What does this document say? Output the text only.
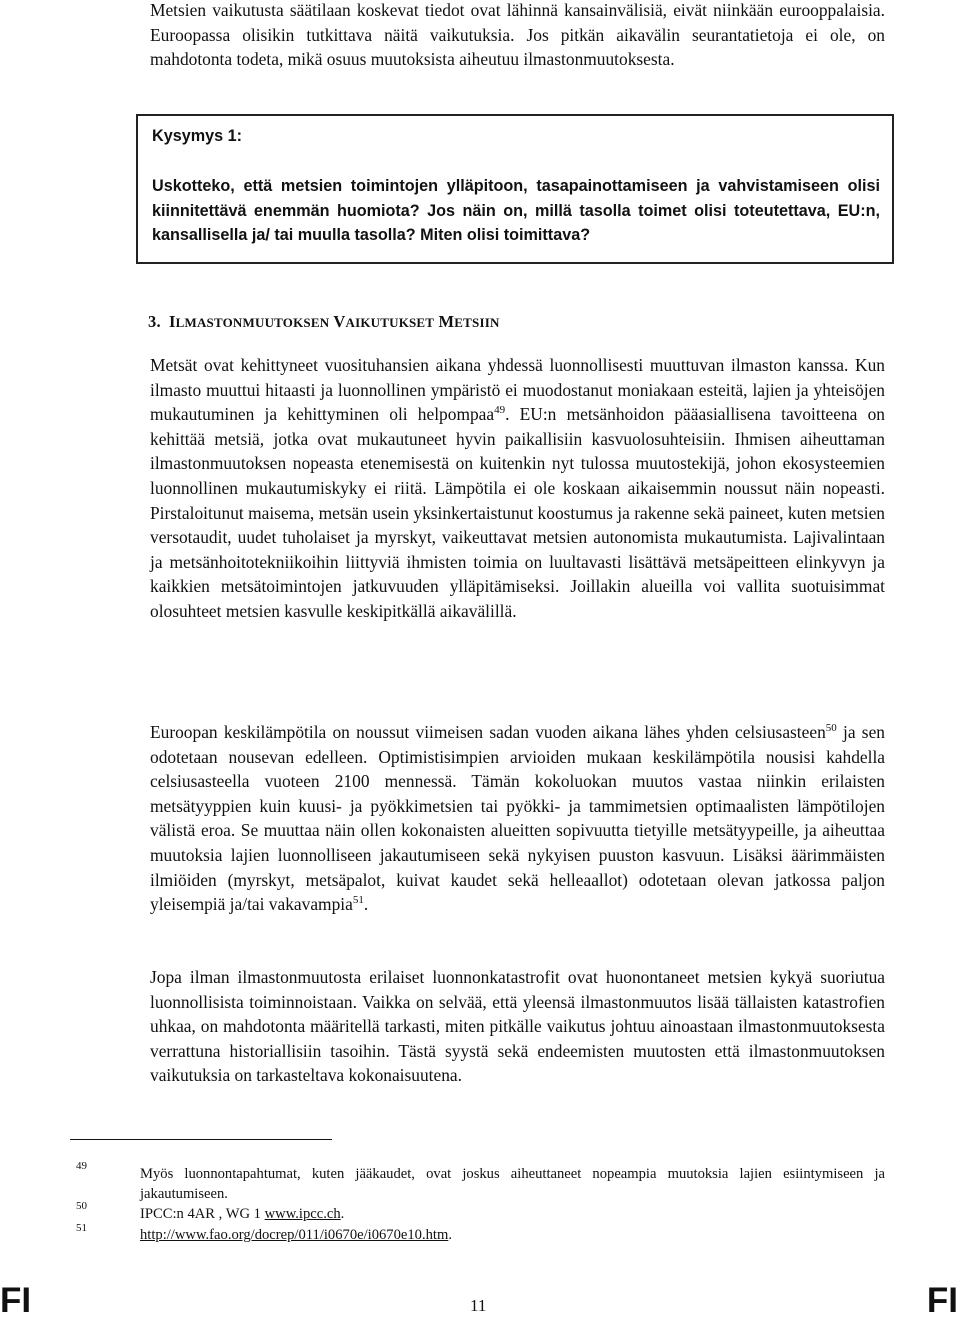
Metsien vaikutusta säätilaan koskevat tiedot ovat lähinnä kansainvälisiä, eivät niinkään eurooppalaisia. Euroopassa olisikin tutkittava näitä vaikutuksia. Jos pitkän aikavälin seurantatietoja ei ole, on mahdotonta todeta, mikä osuus muutoksista aiheutuu ilmastonmuutoksesta.

Kysymys 1:

Uskotteko, että metsien toimintojen ylläpitoon, tasapainottamiseen ja vahvistamiseen olisi kiinnitettävä enemmän huomiota? Jos näin on, millä tasolla toimet olisi toteutettava, EU:n, kansallisella ja/ tai muulla tasolla? Miten olisi toimittava?

3. ILMASTONMUUTOKSEN VAIKUTUKSET METSIIN

Metsät ovat kehittyneet vuosituhansien aikana yhdessä luonnollisesti muuttuvan ilmaston kanssa. Kun ilmasto muuttui hitaasti ja luonnollinen ympäristö ei muodostanut moniakaan esteitä, lajien ja yhteisöjen mukautuminen ja kehittyminen oli helpompaa$^{49}$. EU:n metsänhoidon pääasiallisena tavoitteena on kehittää metsiä, jotka ovat mukautuneet hyvin paikallisiin kasvuolosuhteisiin. Ihmisen aiheuttaman ilmastonmuutoksen nopeasta etenemisestä on kuitenkin nyt tulossa muutostekijä, johon ekosysteemien luonnollinen mukautumiskyky ei riitä. Lämpötila ei ole koskaan aikaisemmin noussut näin nopeasti. Pirstaloitunut maisema, metsän usein yksinkertaistunut koostumus ja rakenne sekä paineet, kuten metsien versotaudit, uudet tuholaiset ja myrskyt, vaikeuttavat metsien autonomista mukautumista. Lajivalintaan ja metsänhoitotekniikoihin liittyviä ihmisten toimia on luultavasti lisättävä metsäpeitteen elinkyvyn ja kaikkien metsätoimintojen jatkuvuuden ylläpitämiseksi. Joillakin alueilla voi vallita suotuisimmat olosuhteet metsien kasvulle keskipitkällä aikavälillä.

Euroopan keskilämpötila on noussut viimeisen sadan vuoden aikana lähes yhden celsiusasteen$^{50}$ ja sen odotetaan nousevan edelleen. Optimistisimpien arvioiden mukaan keskilämpötila nousisi kahdella celsiusasteella vuoteen 2100 mennessä. Tämän kokoluokan muutos vastaa niinkin erilaisten metsätyyppien kuin kuusi- ja pyökkimetsien tai pyökki- ja tammimetsien optimaalisten lämpötilojen välistä eroa. Se muuttaa näin ollen kokonaisten alueitten sopivuutta tietyille metsätyypeille, ja aiheuttaa muutoksia lajien luonnolliseen jakautumiseen sekä nykyisen puuston kasvuun. Lisäksi äärimmäisten ilmiöiden (myrskyt, metsäpalot, kuivat kaudet sekä helleaallot) odotetaan olevan jatkossa paljon yleisempiä ja/tai vakavampia$^{51}$.

Jopa ilman ilmastonmuutosta erilaiset luonnonkatastrofit ovat huonontaneet metsien kykyä suoriutua luonnollisista toiminnoistaan. Vaikka on selvää, että yleensä ilmastonmuutos lisää tällaisten katastrofien uhkaa, on mahdotonta määritellä tarkasti, miten pitkälle vaikutus johtuu ainoastaan ilmastonmuutoksesta verrattuna historiallisiin tasoihin. Tästä syystä sekä endeemisten muutosten että ilmastonmuutoksen vaikutuksia on tarkasteltava kokonaisuutena.

49	Myös luonnontapahtumat, kuten jääkaudet, ovat joskus aiheuttaneet nopeampia muutoksia lajien esiintymiseen ja jakautumiseen.
50	IPCC:n 4AR , WG 1 www.ipcc.ch.
51	http://www.fao.org/docrep/011/i0670e/i0670e10.htm.
FI	11	FI
